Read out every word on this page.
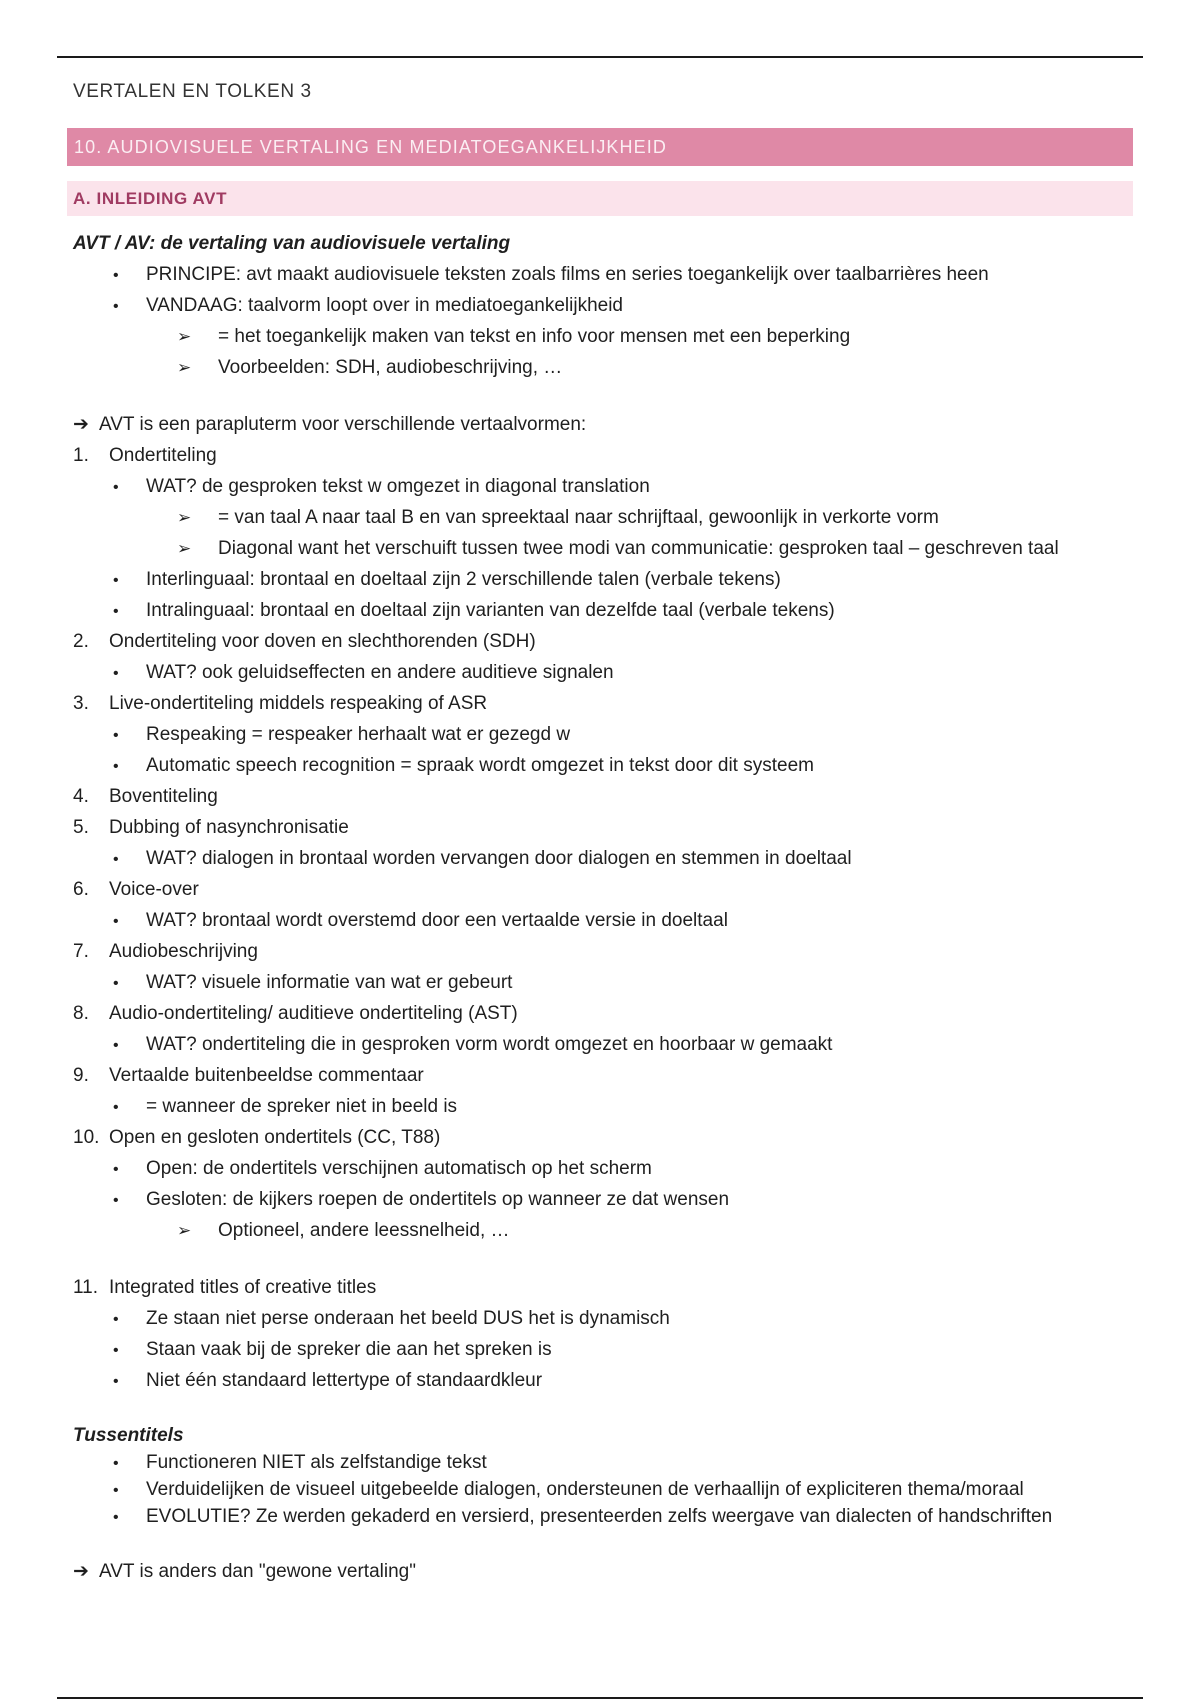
VERTALEN EN TOLKEN 3
10. AUDIOVISUELE VERTALING EN MEDIATOEGANKELIJKHEID
A. INLEIDING AVT
AVT / AV: de vertaling van audiovisuele vertaling
• PRINCIPE: avt maakt audiovisuele teksten zoals films en series toegankelijk over taalbarrières heen
• VANDAAG: taalvorm loopt over in mediatoegankelijkheid
➢ = het toegankelijk maken van tekst en info voor mensen met een beperking
➢ Voorbeelden: SDH, audiobeschrijving, …
➔ AVT is een parapluterm voor verschillende vertaalvormen:
1. Ondertiteling
• WAT? de gesproken tekst w omgezet in diagonal translation
➢ = van taal A naar taal B en van spreektaal naar schrijftaal, gewoonlijk in verkorte vorm
➢ Diagonal want het verschuift tussen twee modi van communicatie: gesproken taal – geschreven taal
• Interlinguaal: brontaal en doeltaal zijn 2 verschillende talen (verbale tekens)
• Intralinguaal: brontaal en doeltaal zijn varianten van dezelfde taal (verbale tekens)
2. Ondertiteling voor doven en slechthorenden (SDH)
• WAT? ook geluidseffecten en andere auditieve signalen
3. Live-ondertiteling middels respeaking of ASR
• Respeaking = respeaker herhaalt wat er gezegd w
• Automatic speech recognition = spraak wordt omgezet in tekst door dit systeem
4. Boventiteling
5. Dubbing of nasynchronisatie
• WAT? dialogen in brontaal worden vervangen door dialogen en stemmen in doeltaal
6. Voice-over
• WAT? brontaal wordt overstemd door een vertaalde versie in doeltaal
7. Audiobeschrijving
• WAT? visuele informatie van wat er gebeurt
8. Audio-ondertiteling/ auditieve ondertiteling (AST)
• WAT? ondertiteling die in gesproken vorm wordt omgezet en hoorbaar w gemaakt
9. Vertaalde buitenbeeldse commentaar
• = wanneer de spreker niet in beeld is
10. Open en gesloten ondertitels (CC, T88)
• Open: de ondertitels verschijnen automatisch op het scherm
• Gesloten: de kijkers roepen de ondertitels op wanneer ze dat wensen
➢ Optioneel, andere leessnelheid, …
11. Integrated titles of creative titles
• Ze staan niet perse onderaan het beeld DUS het is dynamisch
• Staan vaak bij de spreker die aan het spreken is
• Niet één standaard lettertype of standaardkleur
Tussentitels
• Functioneren NIET als zelfstandige tekst
• Verduidelijken de visueel uitgebeelde dialogen, ondersteunen de verhaallijn of expliciteren thema/moraal
• EVOLUTIE? Ze werden gekaderd en versierd, presenteerden zelfs weergave van dialecten of handschriften
➔ AVT is anders dan "gewone vertaling"
